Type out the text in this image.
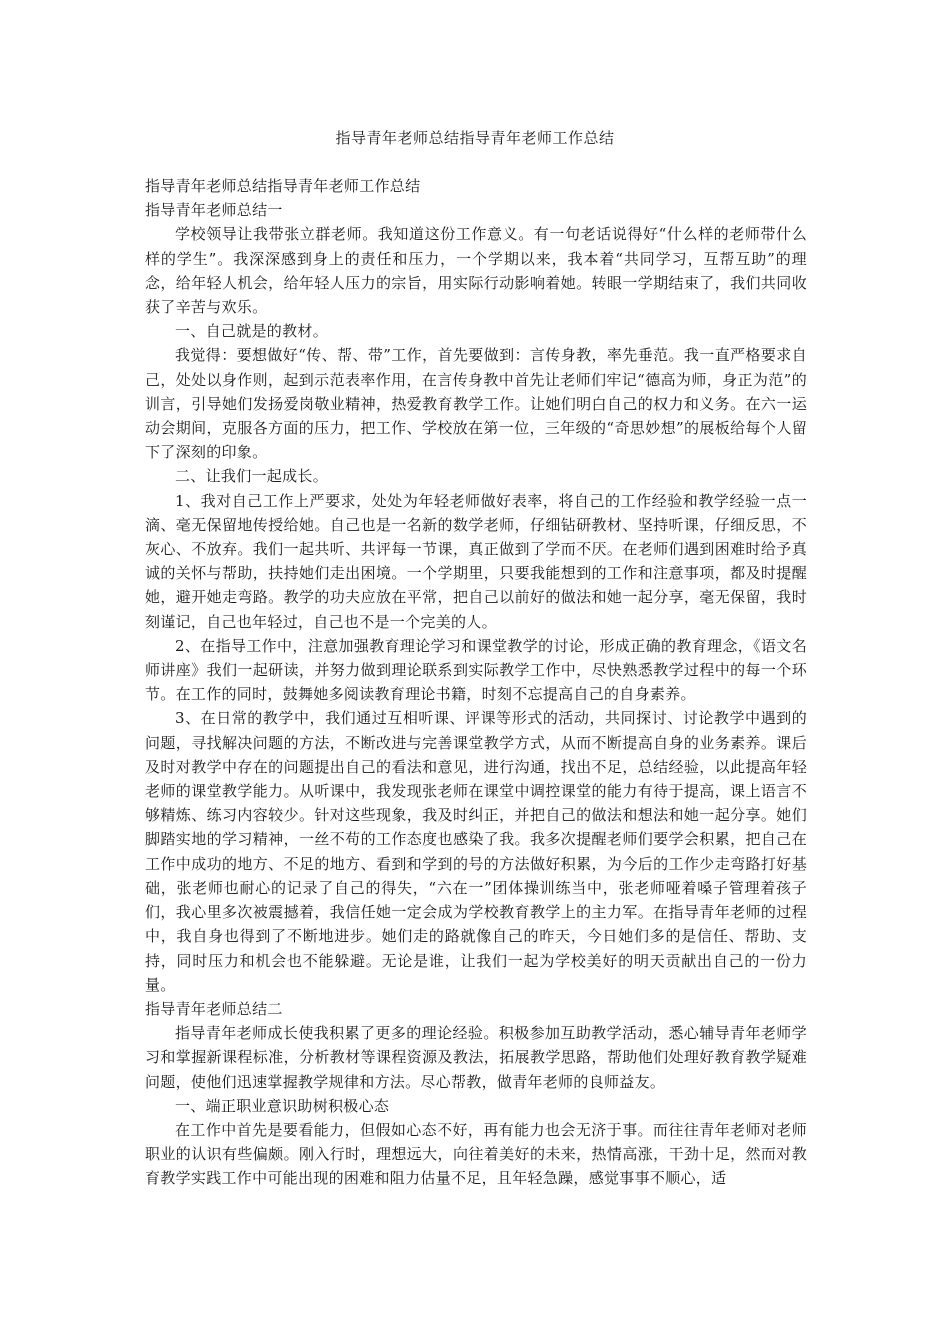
指导青年老师总结指导青年老师工作总结

指导青年老师总结指导青年老师工作总结

指导青年老师总结一

学校领导让我带张立群老师。我知道这份工作意义。有一句老话说得好“什么样的老师带什么样的学生”。我深深感到身上的责任和压力，一个学期以来，我本着“共同学习，互帮互助”的理念，给年轻人机会，给年轻人压力的宗旨，用实际行动影响着她。转眼一学期结束了，我们共同收获了辛苦与欢乐。

一、自己就是的教材。

我觉得：要想做好“传、帮、带”工作，首先要做到：言传身教，率先垂范。我一直严格要求自己，处处以身作则，起到示范表率作用，在言传身教中首先让老师们牢记“德高为师，身正为范”的训言，引导她们发扬爱岗敬业精神，热爱教育教学工作。让她们明白自己的权力和义务。在六一运动会期间，克服各方面的压力，把工作、学校放在第一位，三年级的“奇思妙想”的展板给每个人留下了深刻的印象。

二、让我们一起成长。

1、我对自己工作上严要求，处处为年轻老师做好表率，将自己的工作经验和教学经验一点一滴、毫无保留地传授给她。自己也是一名新的数学老师，仔细钻研教材、坚持听课，仔细反思，不灰心、不放弃。我们一起共听、共评每一节课，真正做到了学而不厌。在老师们遇到困难时给予真诚的关怀与帮助，扶持她们走出困境。一个学期里，只要我能想到的工作和注意事项，都及时提醒她，避开她走弯路。教学的功夫应放在平常，把自己以前好的做法和她一起分享，毫无保留，我时刻谨记，自己也年轻过，自己也不是一个完美的人。

2、在指导工作中，注意加强教育理论学习和课堂教学的讨论，形成正确的教育理念，《语文名师讲座》我们一起研读，并努力做到理论联系到实际教学工作中，尽快熟悉教学过程中的每一个环节。在工作的同时，鼓舞她多阅读教育理论书籍，时刻不忘提高自己的自身素养。

3、在日常的教学中，我们通过互相听课、评课等形式的活动，共同探讨、讨论教学中遇到的问题，寻找解决问题的方法，不断改进与完善课堂教学方式，从而不断提高自身的业务素养。课后及时对教学中存在的问题提出自己的看法和意见，进行沟通，找出不足，总结经验，以此提高年轻老师的课堂教学能力。从听课中，我发现张老师在课堂中调控课堂的能力有待于提高，课上语言不够精炼、练习内容较少。针对这些现象，我及时纠正，并把自己的做法和想法和她一起分享。她们脚踏实地的学习精神，一丝不苟的工作态度也感染了我。我多次提醒老师们要学会积累，把自己在工作中成功的地方、不足的地方、看到和学到的号的方法做好积累，为今后的工作少走弯路打好基础，张老师也耐心的记录了自己的得失，“六在一”团体操训练当中，张老师哑着嗓子管理着孩子们，我心里多次被震撼着，我信任她一定会成为学校教育教学上的主力军。在指导青年老师的过程中，我自身也得到了不断地进步。她们走的路就像自己的昨天，今日她们多的是信任、帮助、支持，同时压力和机会也不能躲避。无论是谁，让我们一起为学校美好的明天贡献出自己的一份力量。

指导青年老师总结二

指导青年老师成长使我积累了更多的理论经验。积极参加互助教学活动，悉心辅导青年老师学习和掌握新课程标准，分析教材等课程资源及教法，拓展教学思路，帮助他们处理好教育教学疑难问题，使他们迅速掌握教学规律和方法。尽心帮教，做青年老师的良师益友。

一、端正职业意识助树积极心态

在工作中首先是要看能力，但假如心态不好，再有能力也会无济于事。而往往青年老师对老师职业的认识有些偏颇。刚入行时，理想远大，向往着美好的未来，热情高涨，干劲十足，然而对教育教学实践工作中可能出现的困难和阻力估量不足，且年轻急躁，感觉事事不顺心，适
